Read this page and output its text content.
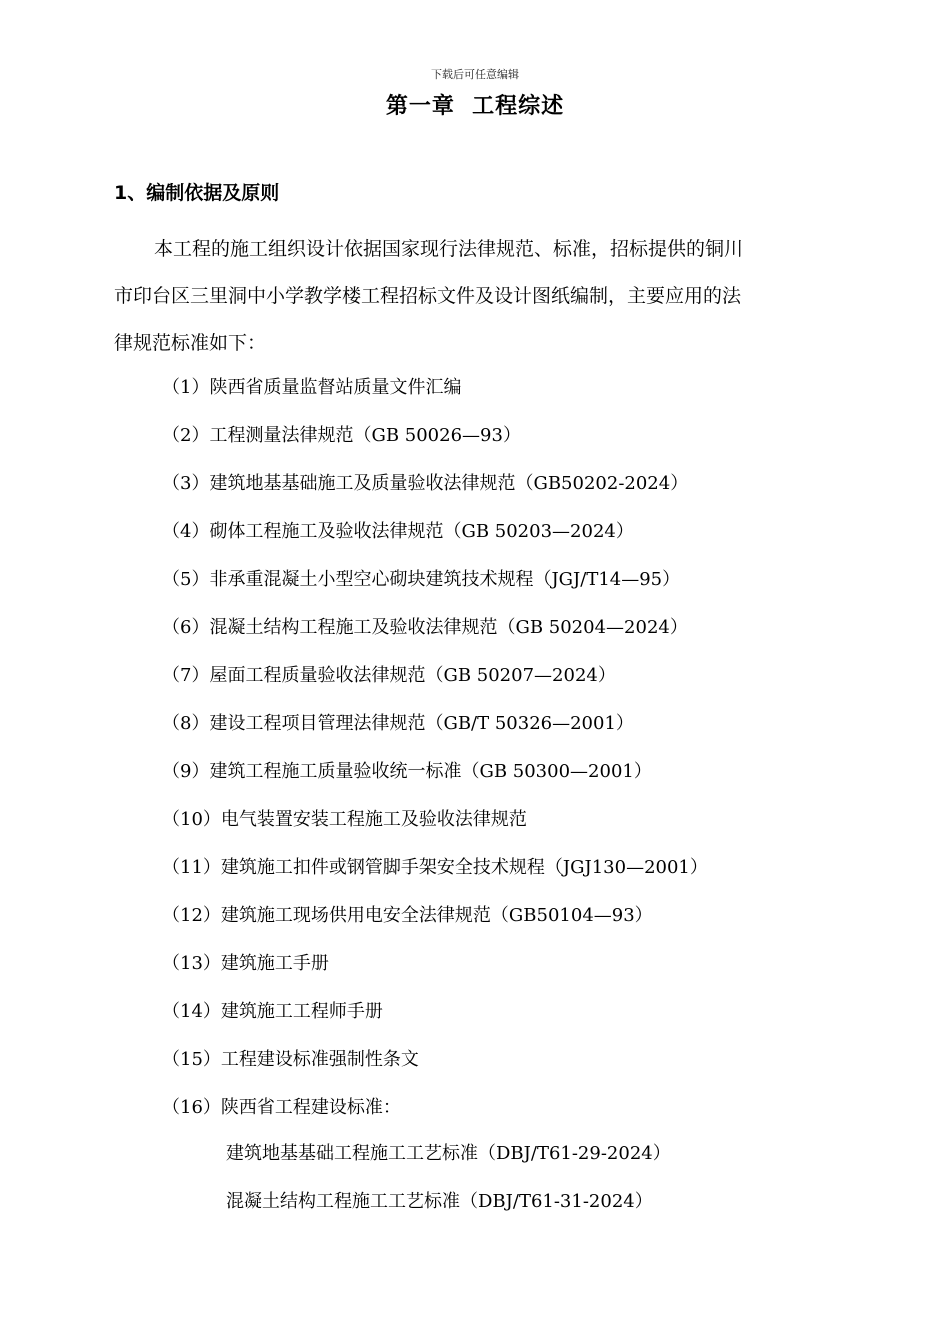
下载后可任意编辑
第一章  工程综述
1、编制依据及原则

本工程的施工组织设计依据国家现行法律规范、标准，招标提供的铜川
市印台区三里洞中小学教学楼工程招标文件及设计图纸编制，主要应用的法
律规范标准如下：

（1）陕西省质量监督站质量文件汇编
（2）工程测量法律规范（GB 50026—93）
（3）建筑地基基础施工及质量验收法律规范（GB50202-2024）
（4）砌体工程施工及验收法律规范（GB 50203—2024）
（5）非承重混凝土小型空心砌块建筑技术规程（JGJ/T14—95）
（6）混凝土结构工程施工及验收法律规范（GB 50204—2024）
（7）屋面工程质量验收法律规范（GB 50207—2024）
（8）建设工程项目管理法律规范（GB/T 50326—2001）
（9）建筑工程施工质量验收统一标准（GB 50300—2001）
（10）电气装置安装工程施工及验收法律规范
（11）建筑施工扣件或钢管脚手架安全技术规程（JGJ130—2001）
（12）建筑施工现场供用电安全法律规范（GB50104—93）
（13）建筑施工手册
（14）建筑施工工程师手册
（15）工程建设标准强制性条文
（16）陕西省工程建设标准：
建筑地基基础工程施工工艺标准（DBJ/T61-29-2024）
混凝土结构工程施工工艺标准（DBJ/T61-31-2024）
